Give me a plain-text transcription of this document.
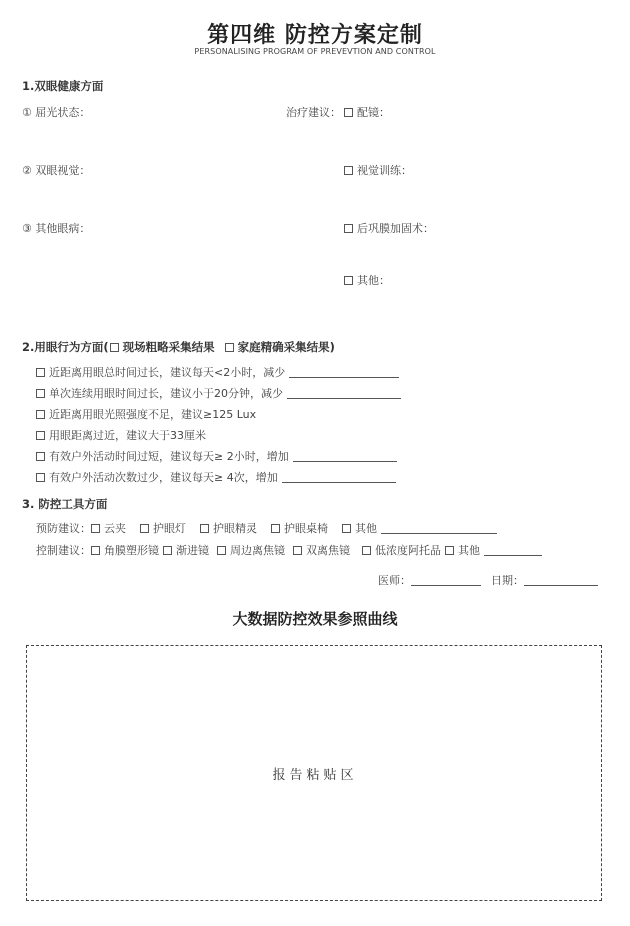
第四维 防控方案定制
PERSONALISING PROGRAM OF PREVEVTION AND CONTROL
1.双眼健康方面
① 屈光状态：
② 双眼视觉：
③ 其他眼病：
治疗建议： 配镜：
视觉训练：
后巩膜加固术：
其他：
2.用眼行为方面( 现场粗略采集结果 家庭精确采集结果)
近距离用眼总时间过长，建议每天<2小时，减少
单次连续用眼时间过长，建议小于20分钟，减少
近距离用眼光照强度不足，建议≥125 Lux
用眼距离过近，建议大于33厘米
有效户外活动时间过短，建议每天≥ 2小时，增加
有效户外活动次数过少，建议每天≥ 4次，增加
3. 防控工具方面
预防建议： 云夹 护眼灯 护眼精灵 护眼桌椅 其他
控制建议： 角膜塑形镜 渐进镜 周边离焦镜 双离焦镜 低浓度阿托品 其他
医师：	日期：
大数据防控效果参照曲线
报告粘贴区
